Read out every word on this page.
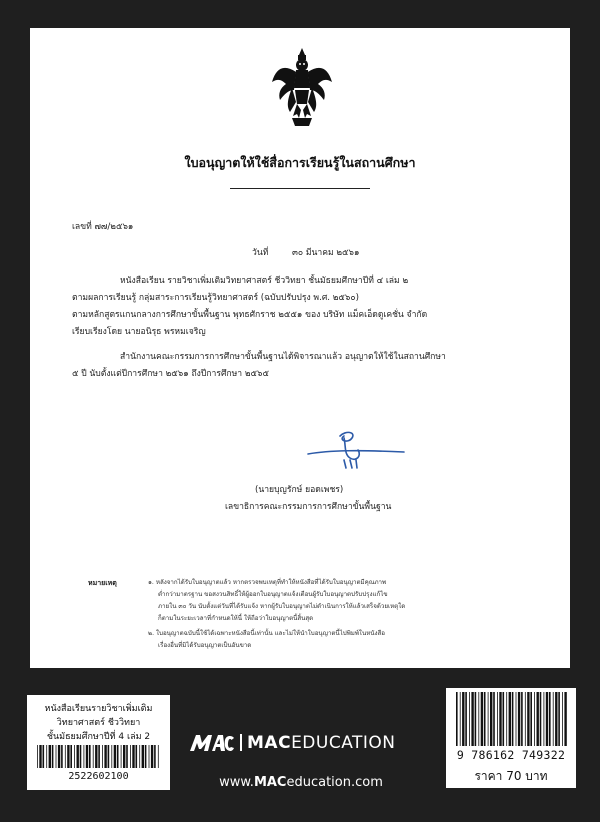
ใบอนุญาตให้ใช้สื่อการเรียนรู้ในสถานศึกษา
เลขที่ ๗๗/๒๕๖๑
วันที่	๓๐ มีนาคม ๒๕๖๑
หนังสือเรียน รายวิชาเพิ่มเติมวิทยาศาสตร์ ชีววิทยา ชั้นมัธยมศึกษาปีที่ ๔ เล่ม ๒
ตามผลการเรียนรู้ กลุ่มสาระการเรียนรู้วิทยาศาสตร์ (ฉบับปรับปรุง พ.ศ. ๒๕๖๐)
ตามหลักสูตรแกนกลางการศึกษาขั้นพื้นฐาน พุทธศักราช ๒๕๕๑ ของ บริษัท แม็คเอ็ดดูเคชั่น จำกัด
เรียบเรียงโดย นายอนิรุธ พรหมเจริญ
สำนักงานคณะกรรมการการศึกษาขั้นพื้นฐานได้พิจารณาแล้ว อนุญาตให้ใช้ในสถานศึกษา
๕ ปี นับตั้งแต่ปีการศึกษา ๒๕๖๑ ถึงปีการศึกษา ๒๕๖๕
(นายบุญรักษ์ ยอดเพชร)
เลขาธิการคณะกรรมการการศึกษาขั้นพื้นฐาน
หมายเหตุ	๑. หลังจากได้รับใบอนุญาตแล้ว หากตรวจพบเหตุที่ทำให้หนังสือที่ได้รับใบอนุญาตมีคุณภาพ
ต่ำกว่ามาตรฐาน ขอสงวนสิทธิ์ให้ผู้ออกใบอนุญาตแจ้งเตือนผู้รับใบอนุญาตปรับปรุงแก้ไข
ภายใน ๓๐ วัน นับตั้งแต่วันที่ได้รับแจ้ง หากผู้รับใบอนุญาตไม่ดำเนินการให้แล้วเสร็จด้วยเหตุใด
ก็ตามในระยะเวลาที่กำหนดให้นี้ ให้ถือว่าใบอนุญาตนี้สิ้นสุด
๒. ใบอนุญาตฉบับนี้ใช้ได้เฉพาะหนังสือนี้เท่านั้น และไม่ให้นำใบอนุญาตนี้ไปพิมพ์ในหนังสือ
เรื่องอื่นที่มิได้รับอนุญาตเป็นอันขาด
หนังสือเรียนรายวิชาเพิ่มเติม
วิทยาศาสตร์ ชีววิทยา
ชั้นมัธยมศึกษาปีที่ 4 เล่ม 2
2522602100
MACEDUCATION
www.MACeducation.com
9 786162 749322
ราคา 70 บาท
